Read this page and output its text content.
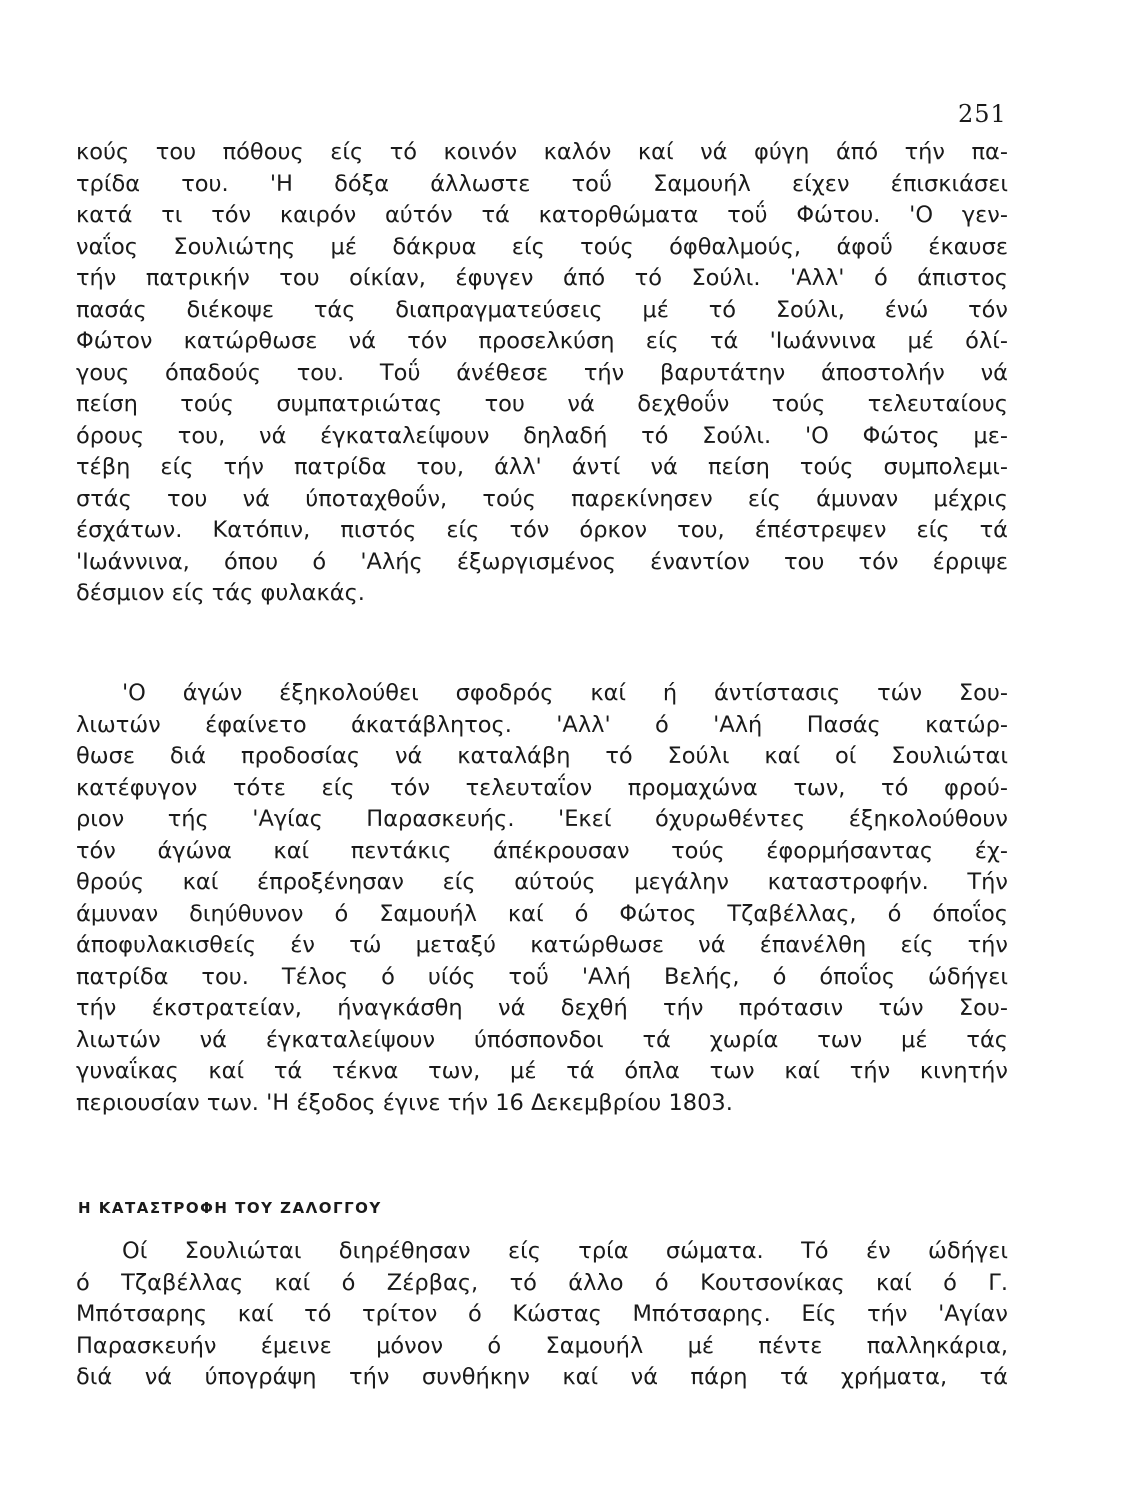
251
κούς του πόθους είς τό κοινόν καλόν καί νά φύγη άπό τήν πα-
τρίδα του. 'Η δόξα άλλωστε τοΰ Σαμουήλ είχεν έπισκιάσει
κατά τι τόν καιρόν αύτόν τά κατορθώματα τοΰ Φώτου. 'Ο γεν-
ναΐος Σουλιώτης μέ δάκρυα είς τούς όφθαλμούς, άφοΰ έκαυσε
τήν πατρικήν του οίκίαν, έφυγεν άπό τό Σούλι. 'Αλλ' ό άπιστος
πασάς διέκοψε τάς διαπραγματεύσεις μέ τό Σούλι, ένώ τόν
Φώτον κατώρθωσε νά τόν προσελκύση είς τά 'Ιωάννινα μέ όλί-
γους όπαδούς του. Τοΰ άνέθεσε τήν βαρυτάτην άποστολήν νά
πείση τούς συμπατριώτας του νά δεχθοΰν τούς τελευταίους
όρους του, νά έγκαταλείψουν δηλαδή τό Σούλι. 'Ο Φώτος με-
τέβη είς τήν πατρίδα του, άλλ' άντί νά πείση τούς συμπολεμι-
στάς του νά ύποταχθοΰν, τούς παρεκίνησεν είς άμυναν μέχρις
έσχάτων. Κατόπιν, πιστός είς τόν όρκον του, έπέστρεψεν είς τά
'Ιωάννινα, όπου ό 'Αλής έξωργισμένος έναντίον του τόν έρριψε
δέσμιον είς τάς φυλακάς.
'Ο άγών έξηκολούθει σφοδρός καί ή άντίστασις τών Σου-
λιωτών έφαίνετο άκατάβλητος. 'Αλλ' ό 'Αλή Πασάς κατώρ-
θωσε διά προδοσίας νά καταλάβη τό Σούλι καί οί Σουλιώται
κατέφυγον τότε είς τόν τελευταΐον προμαχώνα των, τό φρού-
ριον τής 'Αγίας Παρασκευής. 'Εκεί όχυρωθέντες έξηκολούθουν
τόν άγώνα καί πεντάκις άπέκρουσαν τούς έφορμήσαντας έχ-
θρούς καί έπροξένησαν είς αύτούς μεγάλην καταστροφήν. Τήν
άμυναν διηύθυνον ό Σαμουήλ καί ό Φώτος Τζαβέλλας, ό όποΐος
άποφυλακισθείς έν τώ μεταξύ κατώρθωσε νά έπανέλθη είς τήν
πατρίδα του. Τέλος ό υίός τοΰ 'Αλή Βελής, ό όποΐος ώδήγει
τήν έκστρατείαν, ήναγκάσθη νά δεχθή τήν πρότασιν τών Σου-
λιωτών νά έγκαταλείψουν ύπόσπονδοι τά χωρία των μέ τάς
γυναΐκας καί τά τέκνα των, μέ τά όπλα των καί τήν κινητήν
περιουσίαν των. 'Η έξοδος έγινε τήν 16 Δεκεμβρίου 1803.
Η ΚΑΤΑΣΤΡΟΦΗ ΤΟΥ ΖΑΛΟΓΓΟΥ
Οί Σουλιώται διηρέθησαν είς τρία σώματα. Τό έν ώδήγει
ό Τζαβέλλας καί ό Ζέρβας, τό άλλο ό Κουτσονίκας καί ό Γ.
Μπότσαρης καί τό τρίτον ό Κώστας Μπότσαρης. Είς τήν 'Αγίαν
Παρασκευήν έμεινε μόνον ό Σαμουήλ μέ πέντε παλληκάρια,
διά νά ύπογράψη τήν συνθήκην καί νά πάρη τά χρήματα, τά
